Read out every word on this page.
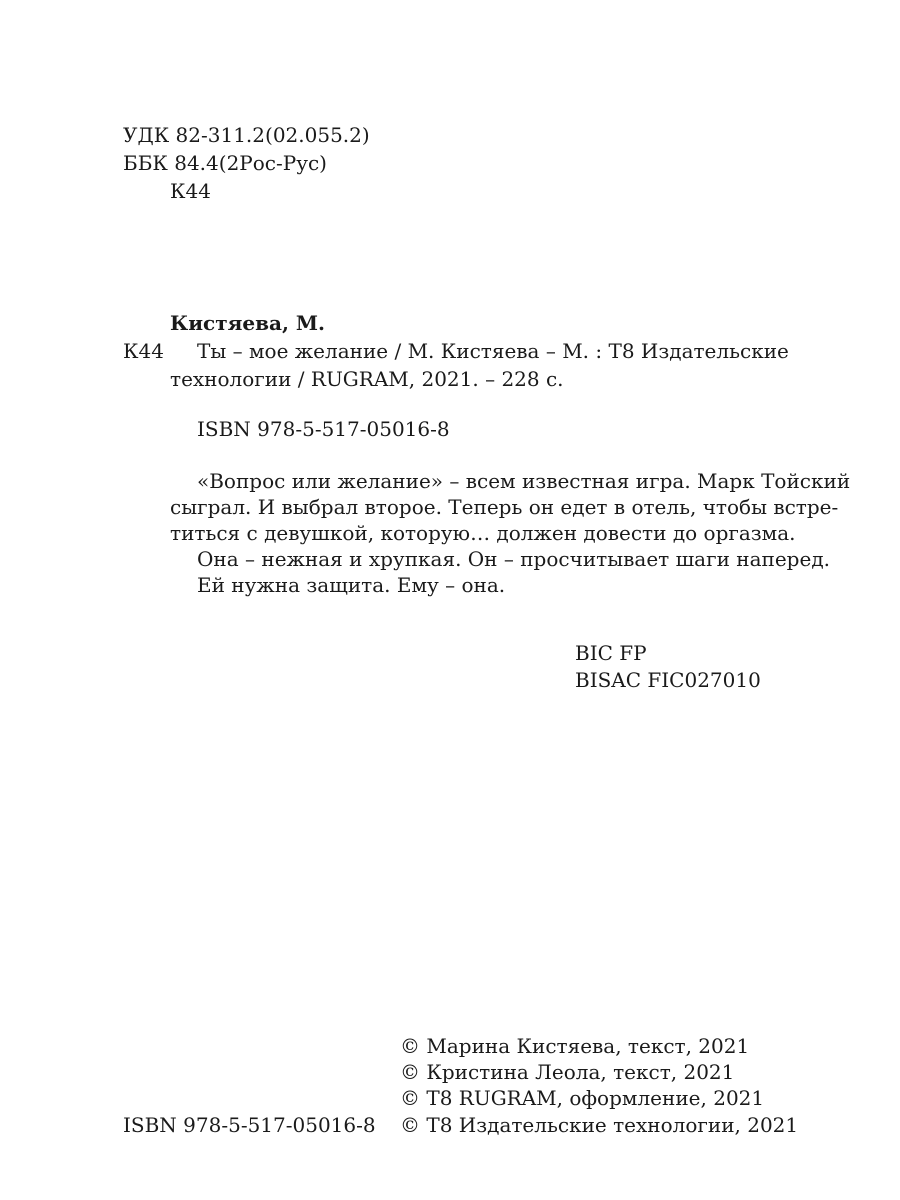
УДК 82-311.2(02.055.2)
ББК 84.4(2Рос-Рус)
К44
Кистяева, М.
К44 Ты – мое желание / М. Кистяева – М. : Т8 Издательские
технологии / RUGRAM, 2021. – 228 с.
ISBN 978-5-517-05016-8
«Вопрос или желание» – всем известная игра. Марк Тойский
сыграл. И выбрал второе. Теперь он едет в отель, чтобы встре-
титься с девушкой, которую… должен довести до оргазма.
Она – нежная и хрупкая. Он – просчитывает шаги наперед.
Ей нужна защита. Ему – она.
BIC FP
BISAC FIC027010
ISBN 978-5-517-05016-8
© Марина Кистяева, текст, 2021
© Кристина Леола, текст, 2021
© Т8 RUGRAM, оформление, 2021
© Т8 Издательские технологии, 2021
